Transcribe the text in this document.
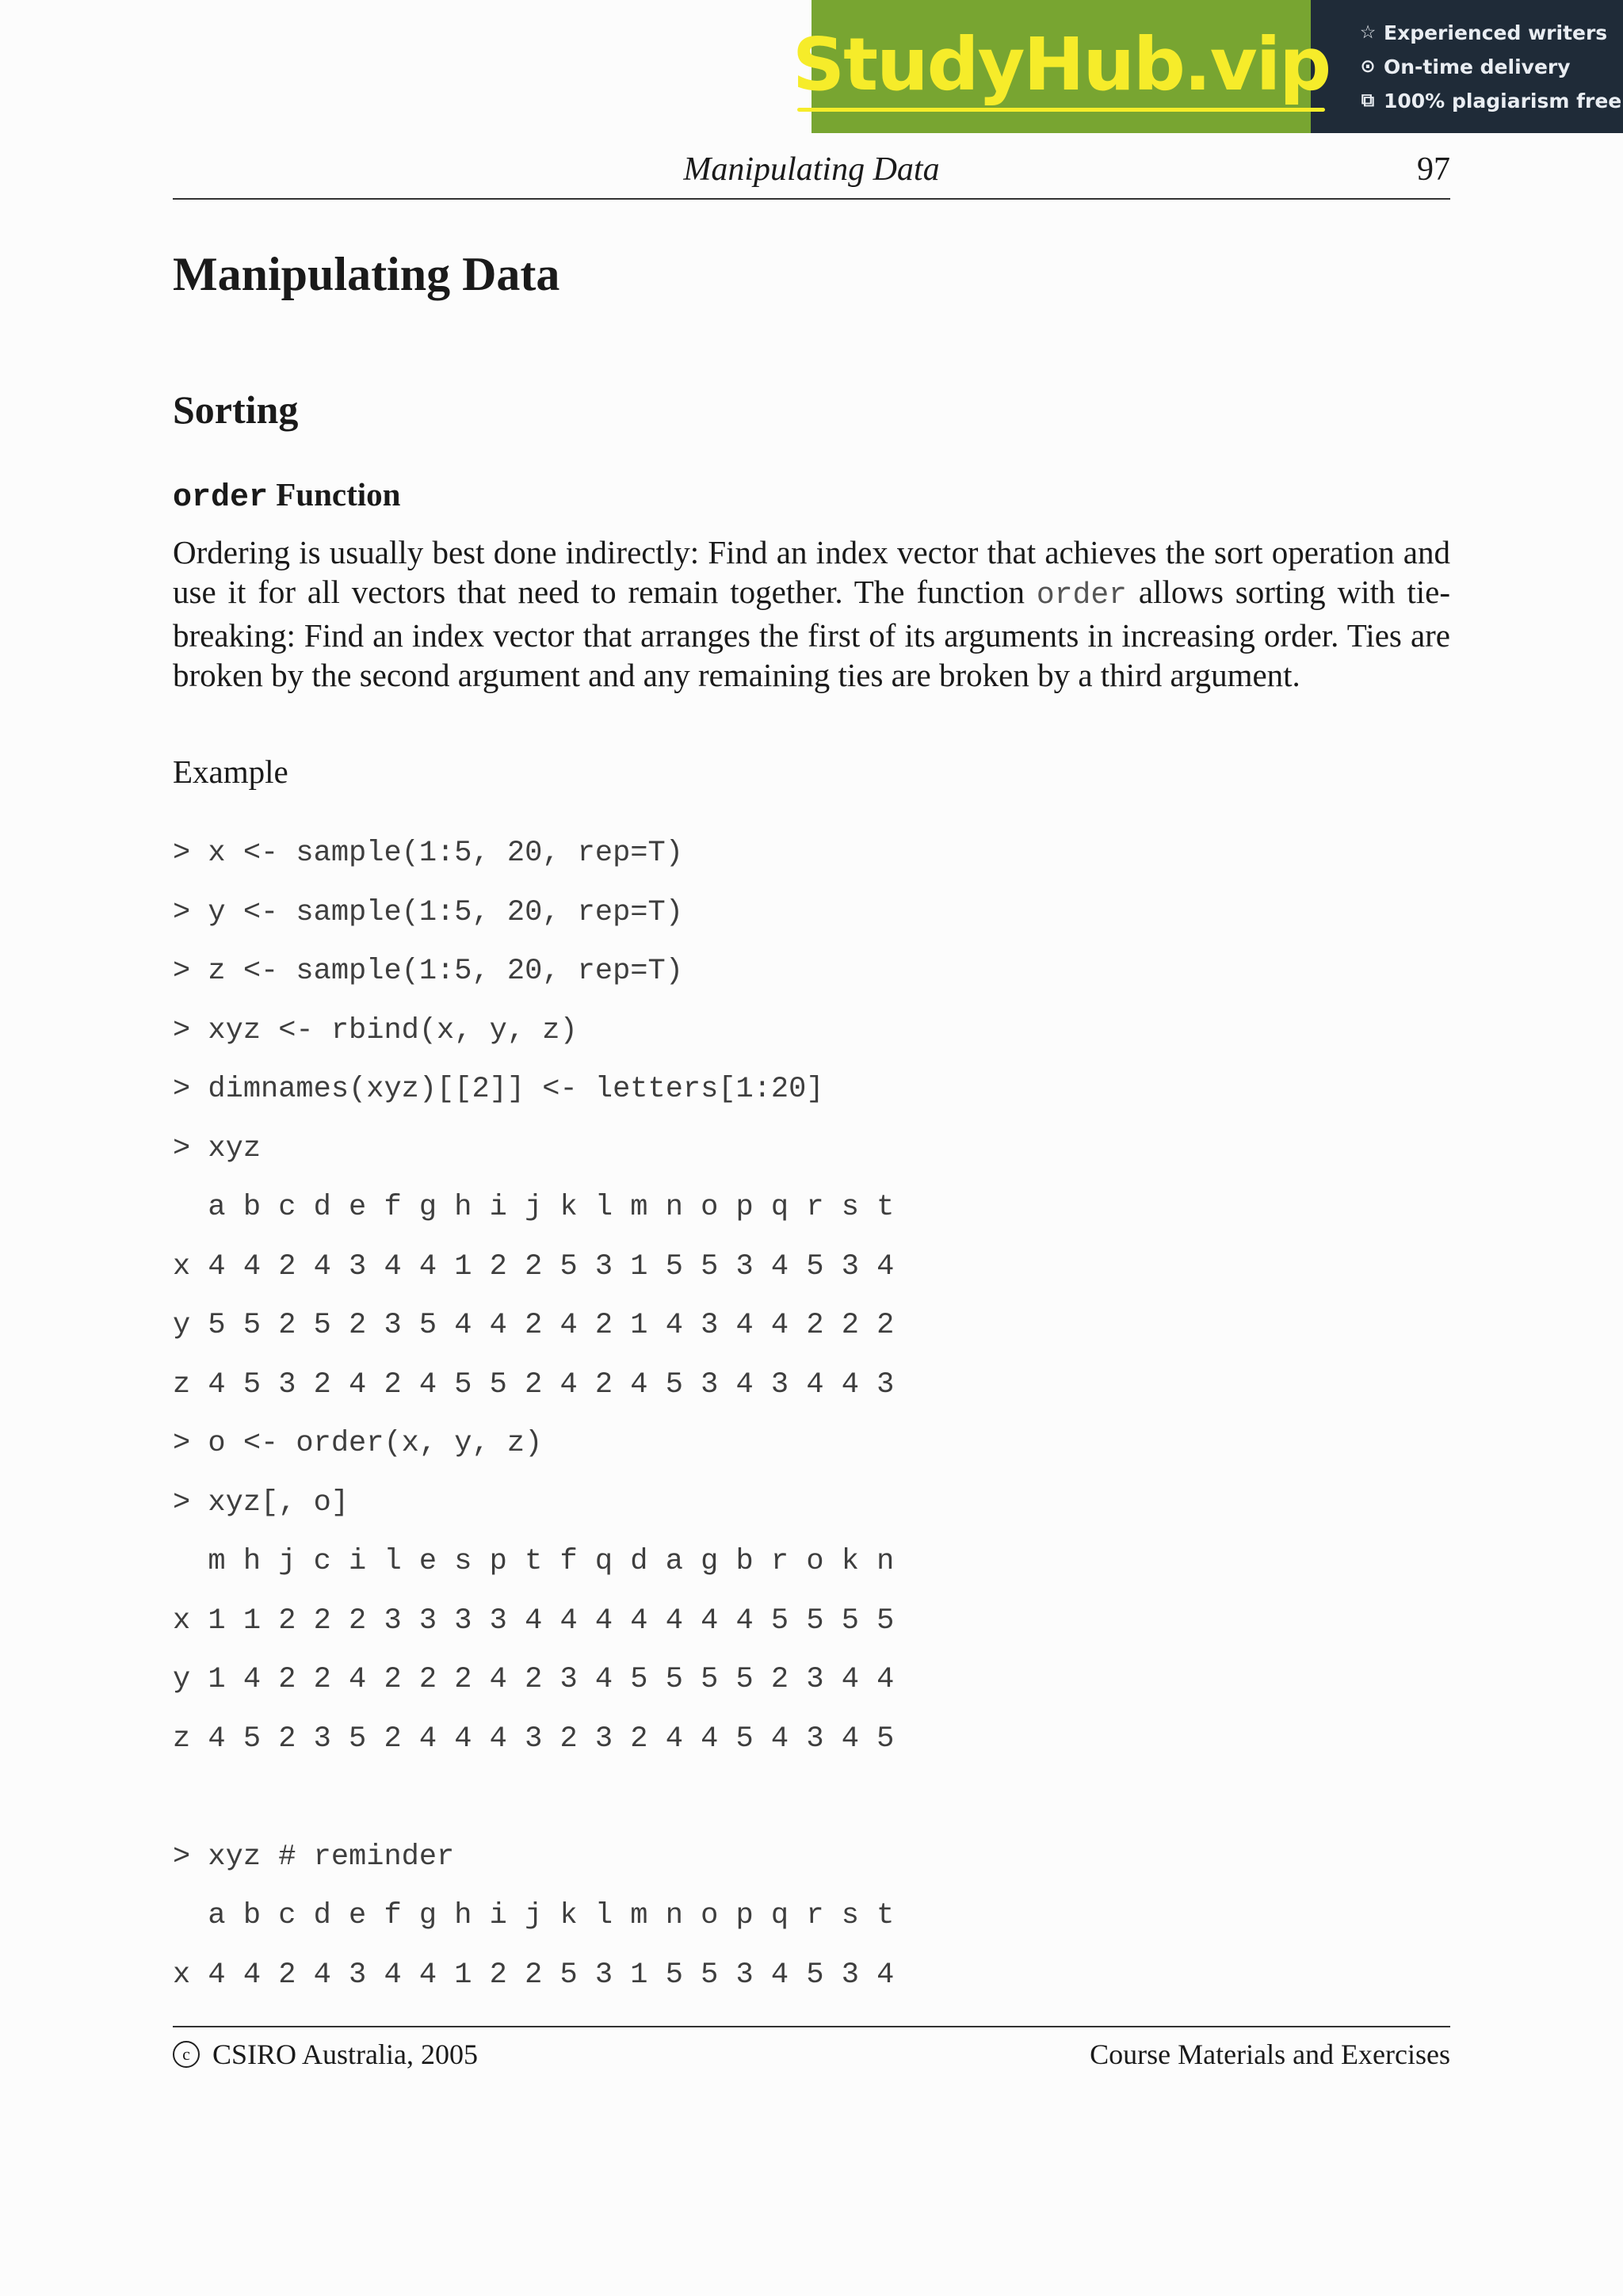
StudyHub.vip ☆ Experienced writers
⊙ On-time delivery
⧉ 100% plagiarism free
Manipulating Data	97
Manipulating Data
Sorting
order Function
Ordering is usually best done indirectly: Find an index vector that achieves the sort operation and use it for all vectors that need to remain together. The function order allows sorting with tie-breaking: Find an index vector that arranges the first of its arguments in increasing order. Ties are broken by the second argument and any remaining ties are broken by a third argument.
Example
> x <- sample(1:5, 20, rep=T)
> y <- sample(1:5, 20, rep=T)
> z <- sample(1:5, 20, rep=T)
> xyz <- rbind(x, y, z)
> dimnames(xyz)[[2]] <- letters[1:20]
> xyz
a b c d e f g h i j k l m n o p q r s t
x 4 4 2 4 3 4 4 1 2 2 5 3 1 5 5 3 4 5 3 4
y 5 5 2 5 2 3 5 4 4 2 4 2 1 4 3 4 4 2 2 2
z 4 5 3 2 4 2 4 5 5 2 4 2 4 5 3 4 3 4 4 3
> o <- order(x, y, z)
> xyz[, o]
m h j c i l e s p t f q d a g b r o k n
x 1 1 2 2 2 3 3 3 3 4 4 4 4 4 4 4 5 5 5 5
y 1 4 2 2 4 2 2 2 4 2 3 4 5 5 5 5 2 3 4 4
z 4 5 2 3 5 2 4 4 4 3 2 3 2 4 4 5 4 3 4 5
> xyz # reminder
a b c d e f g h i j k l m n o p q r s t
x 4 4 2 4 3 4 4 1 2 2 5 3 1 5 5 3 4 5 3 4
c CSIRO Australia, 2005	Course Materials and Exercises
